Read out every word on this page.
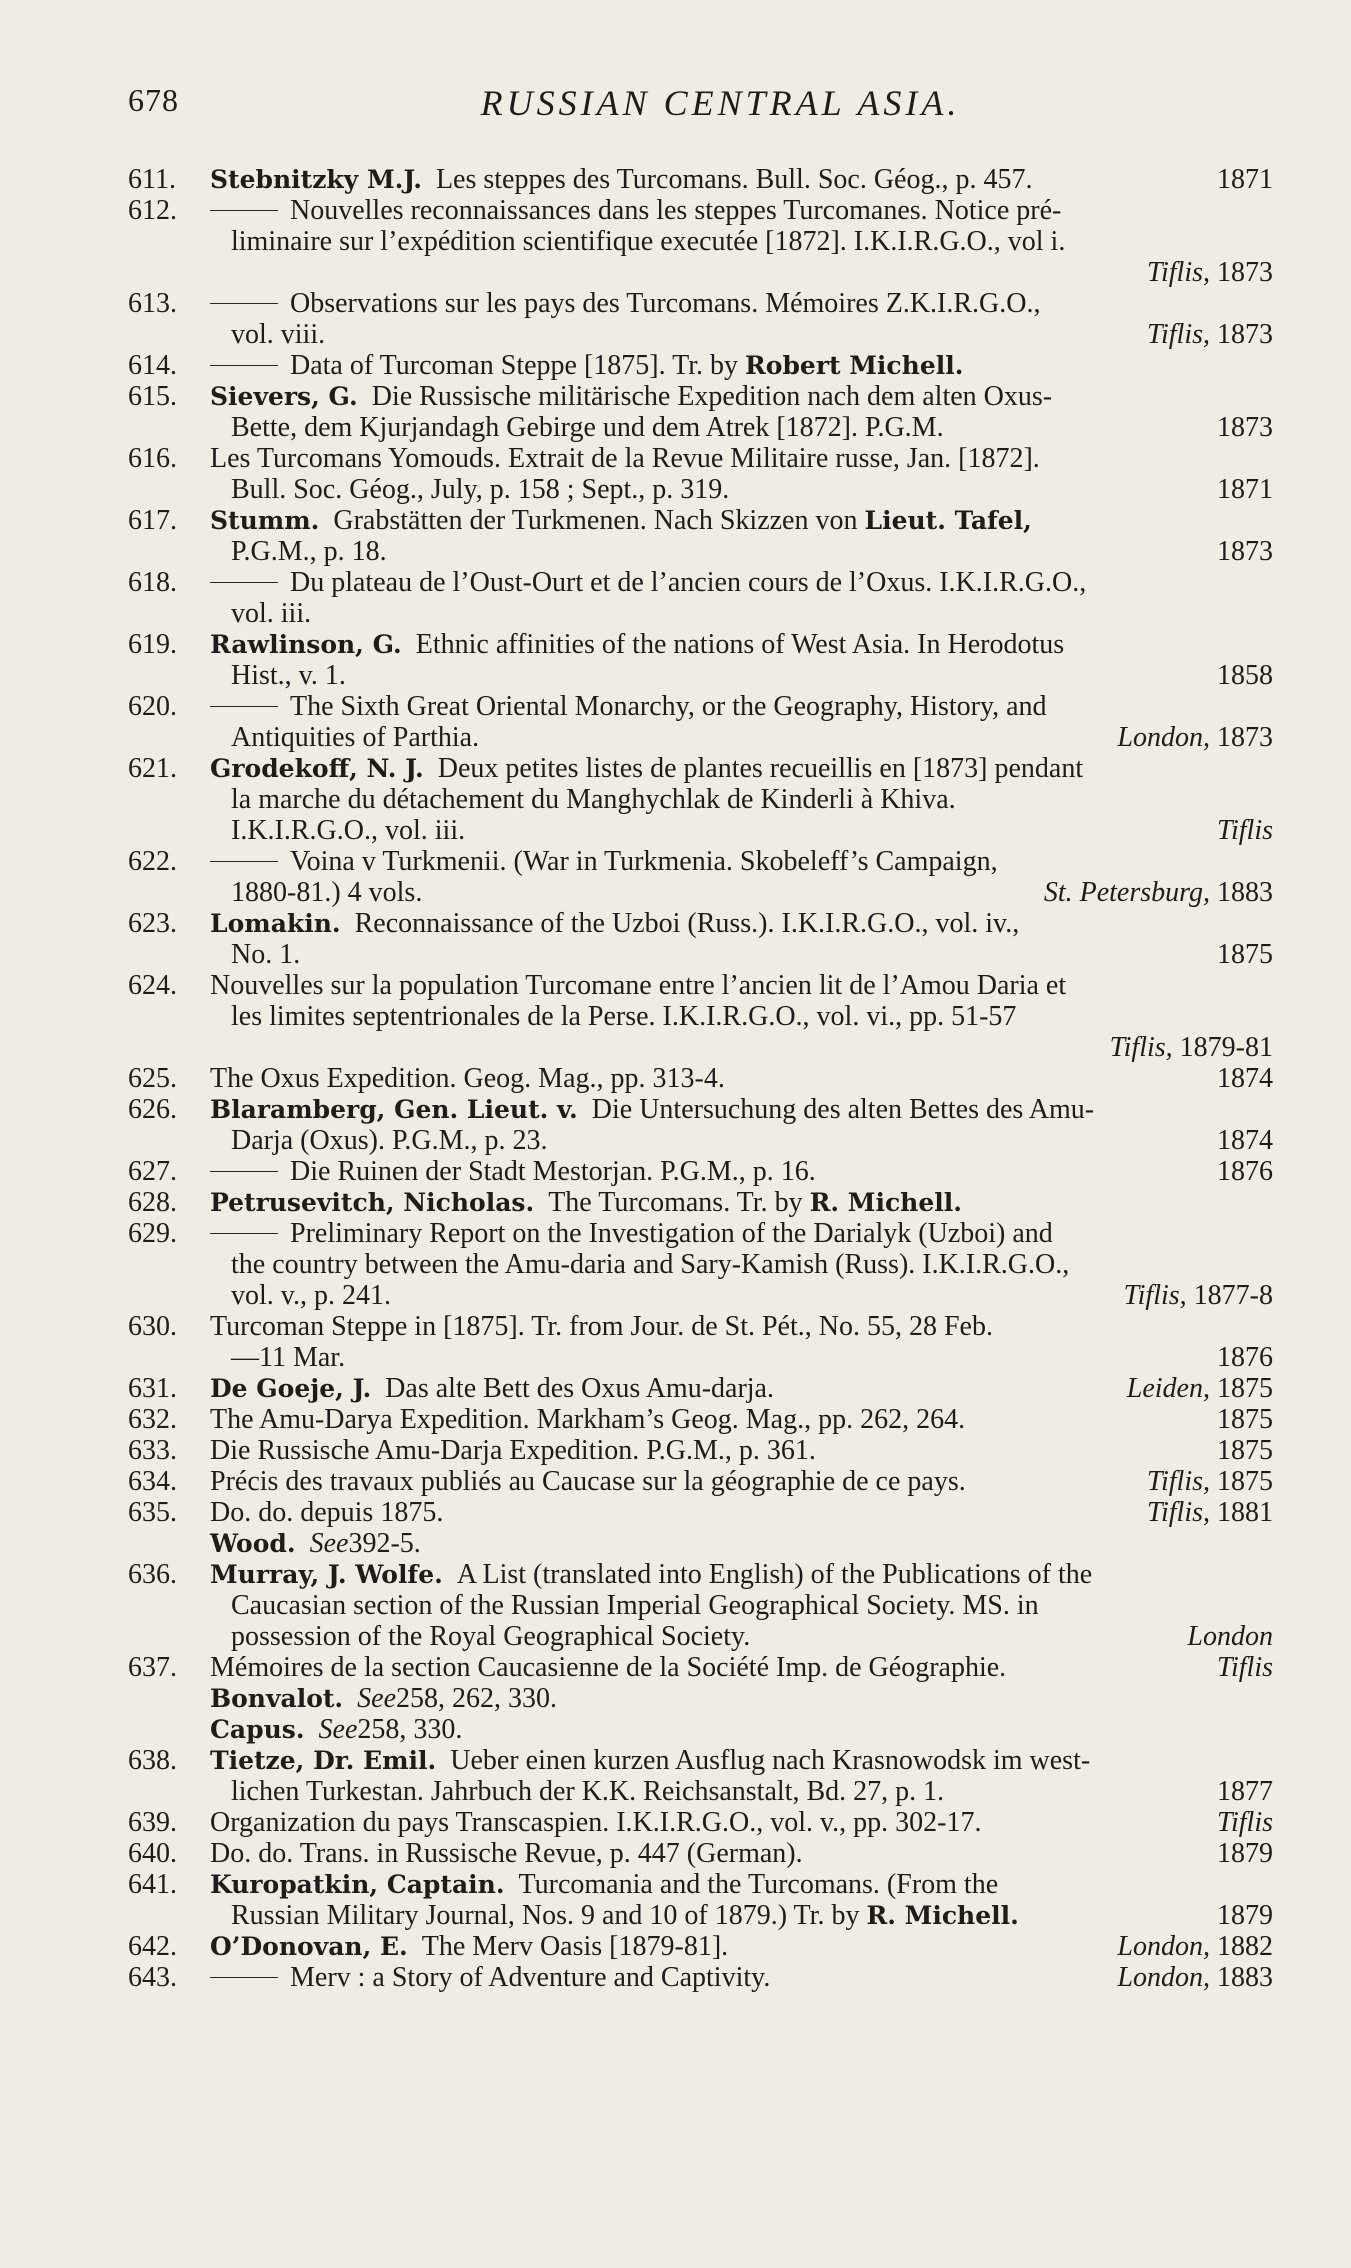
678	RUSSIAN CENTRAL ASIA.
611. Stebnitzky M.J. Les steppes des Turcomans. Bull. Soc. Géog., p. 457.	1871
612.	Nouvelles reconnaissances dans les steppes Turcomanes. Notice pré-
liminaire sur l’expédition scientifique executée [1872]. I.K.I.R.G.O., vol i.
Tiflis, 1873
613.	Observations sur les pays des Turcomans. Mémoires Z.K.I.R.G.O.,
vol. viii.	Tiflis, 1873
614.	Data of Turcoman Steppe [1875]. Tr. by Robert Michell.
615. Sievers, G. Die Russische militärische Expedition nach dem alten Oxus-
Bette, dem Kjurjandagh Gebirge und dem Atrek [1872]. P.G.M.	1873
616. Les Turcomans Yomouds. Extrait de la Revue Militaire russe, Jan. [1872].
Bull. Soc. Géog., July, p. 158 ; Sept., p. 319.	1871
617. Stumm. Grabstätten der Turkmenen. Nach Skizzen von Lieut. Tafel,
P.G.M., p. 18.	1873
618.	Du plateau de l’Oust-Ourt et de l’ancien cours de l’Oxus. I.K.I.R.G.O.,
vol. iii.
619. Rawlinson, G. Ethnic affinities of the nations of West Asia. In Herodotus
Hist., v. 1.	1858
620.	The Sixth Great Oriental Monarchy, or the Geography, History, and
Antiquities of Parthia.	London, 1873
621. Grodekoff, N. J. Deux petites listes de plantes recueillis en [1873] pendant
la marche du détachement du Manghychlak de Kinderli à Khiva.
I.K.I.R.G.O., vol. iii.	Tiflis
622.	Voina v Turkmenii. (War in Turkmenia. Skobeleff’s Campaign,
1880-81.) 4 vols.	St. Petersburg, 1883
623. Lomakin. Reconnaissance of the Uzboi (Russ.). I.K.I.R.G.O., vol. iv.,
No. 1.	1875
624. Nouvelles sur la population Turcomane entre l’ancien lit de l’Amou Daria et
les limites septentrionales de la Perse. I.K.I.R.G.O., vol. vi., pp. 51-57
Tiflis, 1879-81
625. The Oxus Expedition. Geog. Mag., pp. 313-4.	1874
626. Blaramberg, Gen. Lieut. v. Die Untersuchung des alten Bettes des Amu-
Darja (Oxus). P.G.M., p. 23.	1874
627.	Die Ruinen der Stadt Mestorjan. P.G.M., p. 16.	1876
628. Petrusevitch, Nicholas. The Turcomans. Tr. by R. Michell.
629.	Preliminary Report on the Investigation of the Darialyk (Uzboi) and
the country between the Amu-daria and Sary-Kamish (Russ). I.K.I.R.G.O.,
vol. v., p. 241.	Tiflis, 1877-8
630. Turcoman Steppe in [1875]. Tr. from Jour. de St. Pét., No. 55, 28 Feb.
—11 Mar.	1876
631. De Goeje, J. Das alte Bett des Oxus Amu-darja.	Leiden, 1875
632. The Amu-Darya Expedition. Markham’s Geog. Mag., pp. 262, 264.	1875
633. Die Russische Amu-Darja Expedition. P.G.M., p. 361.	1875
634. Précis des travaux publiés au Caucase sur la géographie de ce pays.	Tiflis, 1875
635. Do. do. depuis 1875.	Tiflis, 1881
Wood.
See 392-5.
636. Murray, J. Wolfe. A List (translated into English) of the Publications of the
Caucasian section of the Russian Imperial Geographical Society. MS. in
possession of the Royal Geographical Society.	London
637. Mémoires de la section Caucasienne de la Société Imp. de Géographie.	Tiflis
Bonvalot.
See 258, 262, 330.
Capus.
See 258, 330.
638. Tietze, Dr. Emil. Ueber einen kurzen Ausflug nach Krasnowodsk im west-
lichen Turkestan. Jahrbuch der K.K. Reichsanstalt, Bd. 27, p. 1.	1877
639. Organization du pays Transcaspien. I.K.I.R.G.O., vol. v., pp. 302-17.	Tiflis
640. Do. do. Trans. in Russische Revue, p. 447 (German).	1879
641. Kuropatkin, Captain. Turcomania and the Turcomans. (From the
Russian Military Journal, Nos. 9 and 10 of 1879.) Tr. by R. Michell.	1879
642. O’Donovan, E. The Merv Oasis [1879-81].	London, 1882
643.	Merv : a Story of Adventure and Captivity.	London, 1883
